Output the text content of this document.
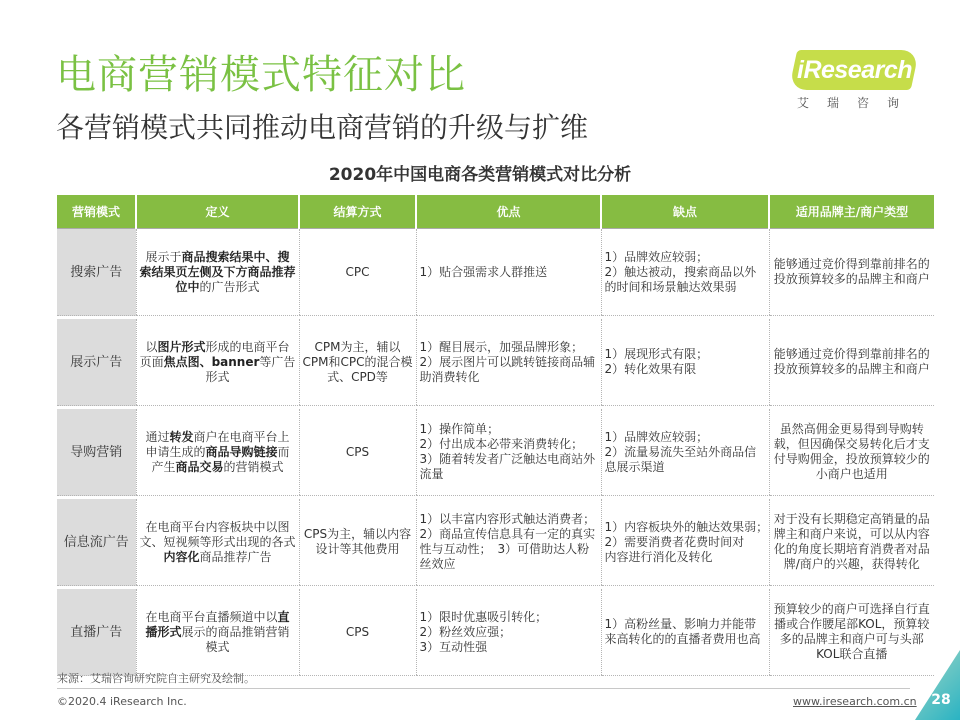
电商营销模式特征对比
各营销模式共同推动电商营销的升级与扩维
iResearch
艾瑞咨询
2020年中国电商各类营销模式对比分析
营销模式	定义	结算方式	优点	缺点	适用品牌主/商户类型
搜索广告	展示于商品搜索结果中、搜索结果页左侧及下方商品推荐位中的广告形式	CPC	1）贴合强需求人群推送	1）品牌效应较弱；
2）触达被动，搜索商品以外的时间和场景触达效果弱	能够通过竞价得到靠前排名的投放预算较多的品牌主和商户

展示广告	以图片形式形成的电商平台页面焦点图、banner等广告形式	CPM为主，辅以CPM和CPC的混合模式、CPD等	1）醒目展示，加强品牌形象；
2）展示图片可以跳转链接商品辅助消费转化	1）展现形式有限；
2）转化效果有限	能够通过竞价得到靠前排名的投放预算较多的品牌主和商户

导购营销	通过转发商户在电商平台上申请生成的商品导购链接而产生商品交易的营销模式	CPS	1）操作简单；
2）付出成本必带来消费转化；
3）随着转发者广泛触达电商站外流量	1）品牌效应较弱；
2）流量易流失至站外商品信息展示渠道	虽然高佣金更易得到导购转载，但因确保交易转化后才支付导购佣金，投放预算较少的小商户也适用

信息流广告	在电商平台内容板块中以图文、短视频等形式出现的各式内容化商品推荐广告	CPS为主，辅以内容设计等其他费用	1）以丰富内容形式触达消费者；2）商品宣传信息具有一定的真实性与互动性；　3）可借助达人粉丝效应	1）内容板块外的触达效果弱；　2）需要消费者花费时间对　内容进行消化及转化	对于没有长期稳定高销量的品牌主和商户来说，可以从内容化的角度长期培育消费者对品牌/商户的兴趣，获得转化

直播广告	在电商平台直播频道中以直播形式展示的商品推销营销模式	CPS	1）限时优惠吸引转化；
2）粉丝效应强；
3）互动性强	1）高粉丝量、影响力并能带来高转化的的直播者费用也高	预算较少的商户可选择自行直播或合作腰尾部KOL，预算较多的品牌主和商户可与头部KOL联合直播
来源：艾瑞咨询研究院自主研究及绘制。
©2020.4 iResearch Inc.	www.iresearch.com.cn	28
